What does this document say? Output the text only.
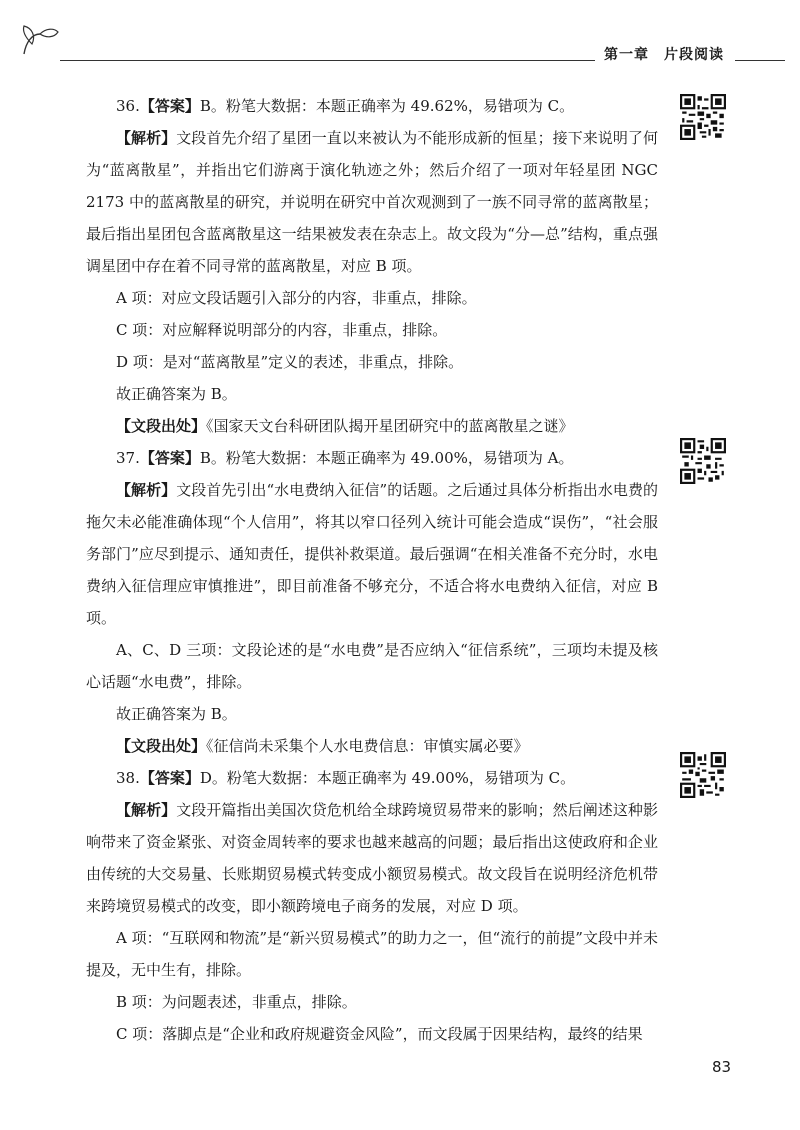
第一章　片段阅读

36.【答案】B。粉笔大数据：本题正确率为 49.62%，易错项为 C。

【解析】文段首先介绍了星团一直以来被认为不能形成新的恒星；接下来说明了何为“蓝离散星”，并指出它们游离于演化轨迹之外；然后介绍了一项对年轻星团 NGC 2173 中的蓝离散星的研究，并说明在研究中首次观测到了一族不同寻常的蓝离散星；最后指出星团包含蓝离散星这一结果被发表在杂志上。故文段为“分—总”结构，重点强调星团中存在着不同寻常的蓝离散星，对应 B 项。

A 项：对应文段话题引入部分的内容，非重点，排除。

C 项：对应解释说明部分的内容，非重点，排除。

D 项：是对“蓝离散星”定义的表述，非重点，排除。

故正确答案为 B。

【文段出处】《国家天文台科研团队揭开星团研究中的蓝离散星之谜》

37.【答案】B。粉笔大数据：本题正确率为 49.00%，易错项为 A。

【解析】文段首先引出“水电费纳入征信”的话题。之后通过具体分析指出水电费的拖欠未必能准确体现“个人信用”，将其以窄口径列入统计可能会造成“误伤”，“社会服务部门”应尽到提示、通知责任，提供补救渠道。最后强调“在相关准备不充分时，水电费纳入征信理应审慎推进”，即目前准备不够充分，不适合将水电费纳入征信，对应 B 项。

A、C、D 三项：文段论述的是“水电费”是否应纳入“征信系统”，三项均未提及核心话题“水电费”，排除。

故正确答案为 B。

【文段出处】《征信尚未采集个人水电费信息：审慎实属必要》

38.【答案】D。粉笔大数据：本题正确率为 49.00%，易错项为 C。

【解析】文段开篇指出美国次贷危机给全球跨境贸易带来的影响；然后阐述这种影响带来了资金紧张、对资金周转率的要求也越来越高的问题；最后指出这使政府和企业由传统的大交易量、长账期贸易模式转变成小额贸易模式。故文段旨在说明经济危机带来跨境贸易模式的改变，即小额跨境电子商务的发展，对应 D 项。

A 项：“互联网和物流”是“新兴贸易模式”的助力之一，但“流行的前提”文段中并未提及，无中生有，排除。

B 项：为问题表述，非重点，排除。

C 项：落脚点是“企业和政府规避资金风险”，而文段属于因果结构，最终的结果

83
